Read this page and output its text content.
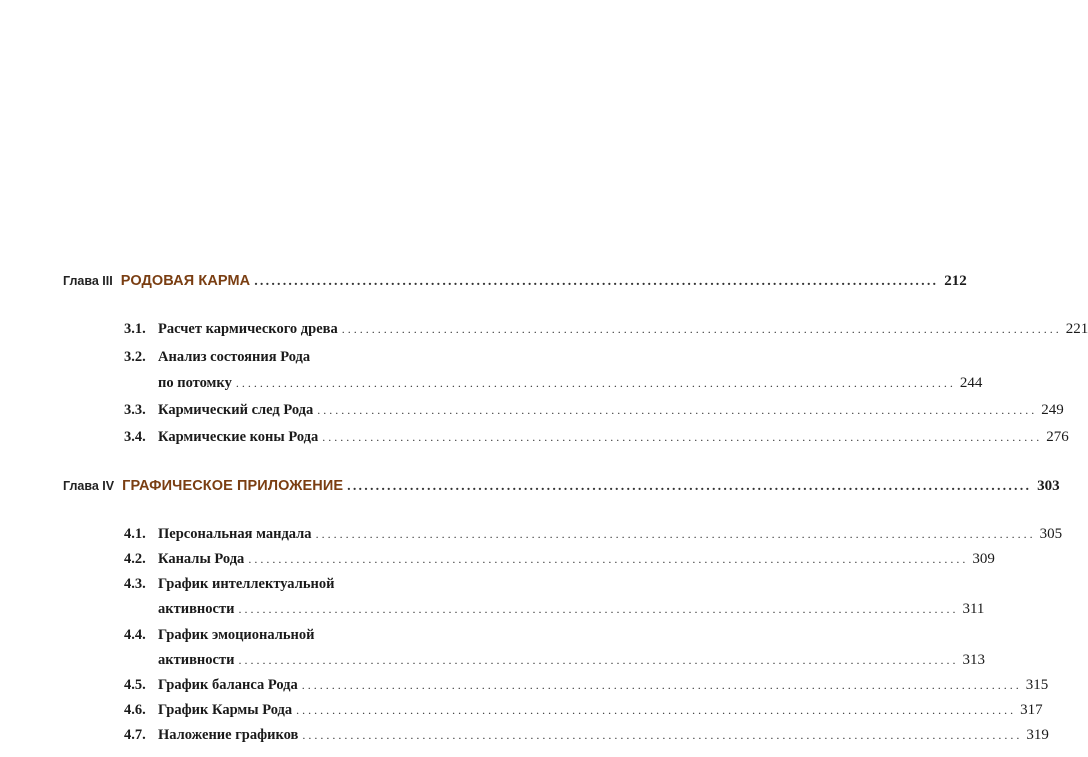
Глава III РОДОВАЯ КАРМА ........................................................................................................................ 212
3.1. Расчет кармического древа ........................................................................................................................ 221
3.2. Анализ состояния Рода
по потомку ........................................................................................................................ 244
3.3. Кармический след Рода ........................................................................................................................ 249
3.4. Кармические коны Рода ........................................................................................................................ 276
Глава IV ГРАФИЧЕСКОЕ ПРИЛОЖЕНИЕ ........................................................................................................................ 303
4.1. Персональная мандала ........................................................................................................................ 305
4.2. Каналы Рода ........................................................................................................................ 309
4.3. График интеллектуальной
активности ........................................................................................................................ 311
4.4. График эмоциональной
активности ........................................................................................................................ 313
4.5. График баланса Рода ........................................................................................................................ 315
4.6. График Кармы Рода ........................................................................................................................ 317
4.7. Наложение графиков ........................................................................................................................ 319
